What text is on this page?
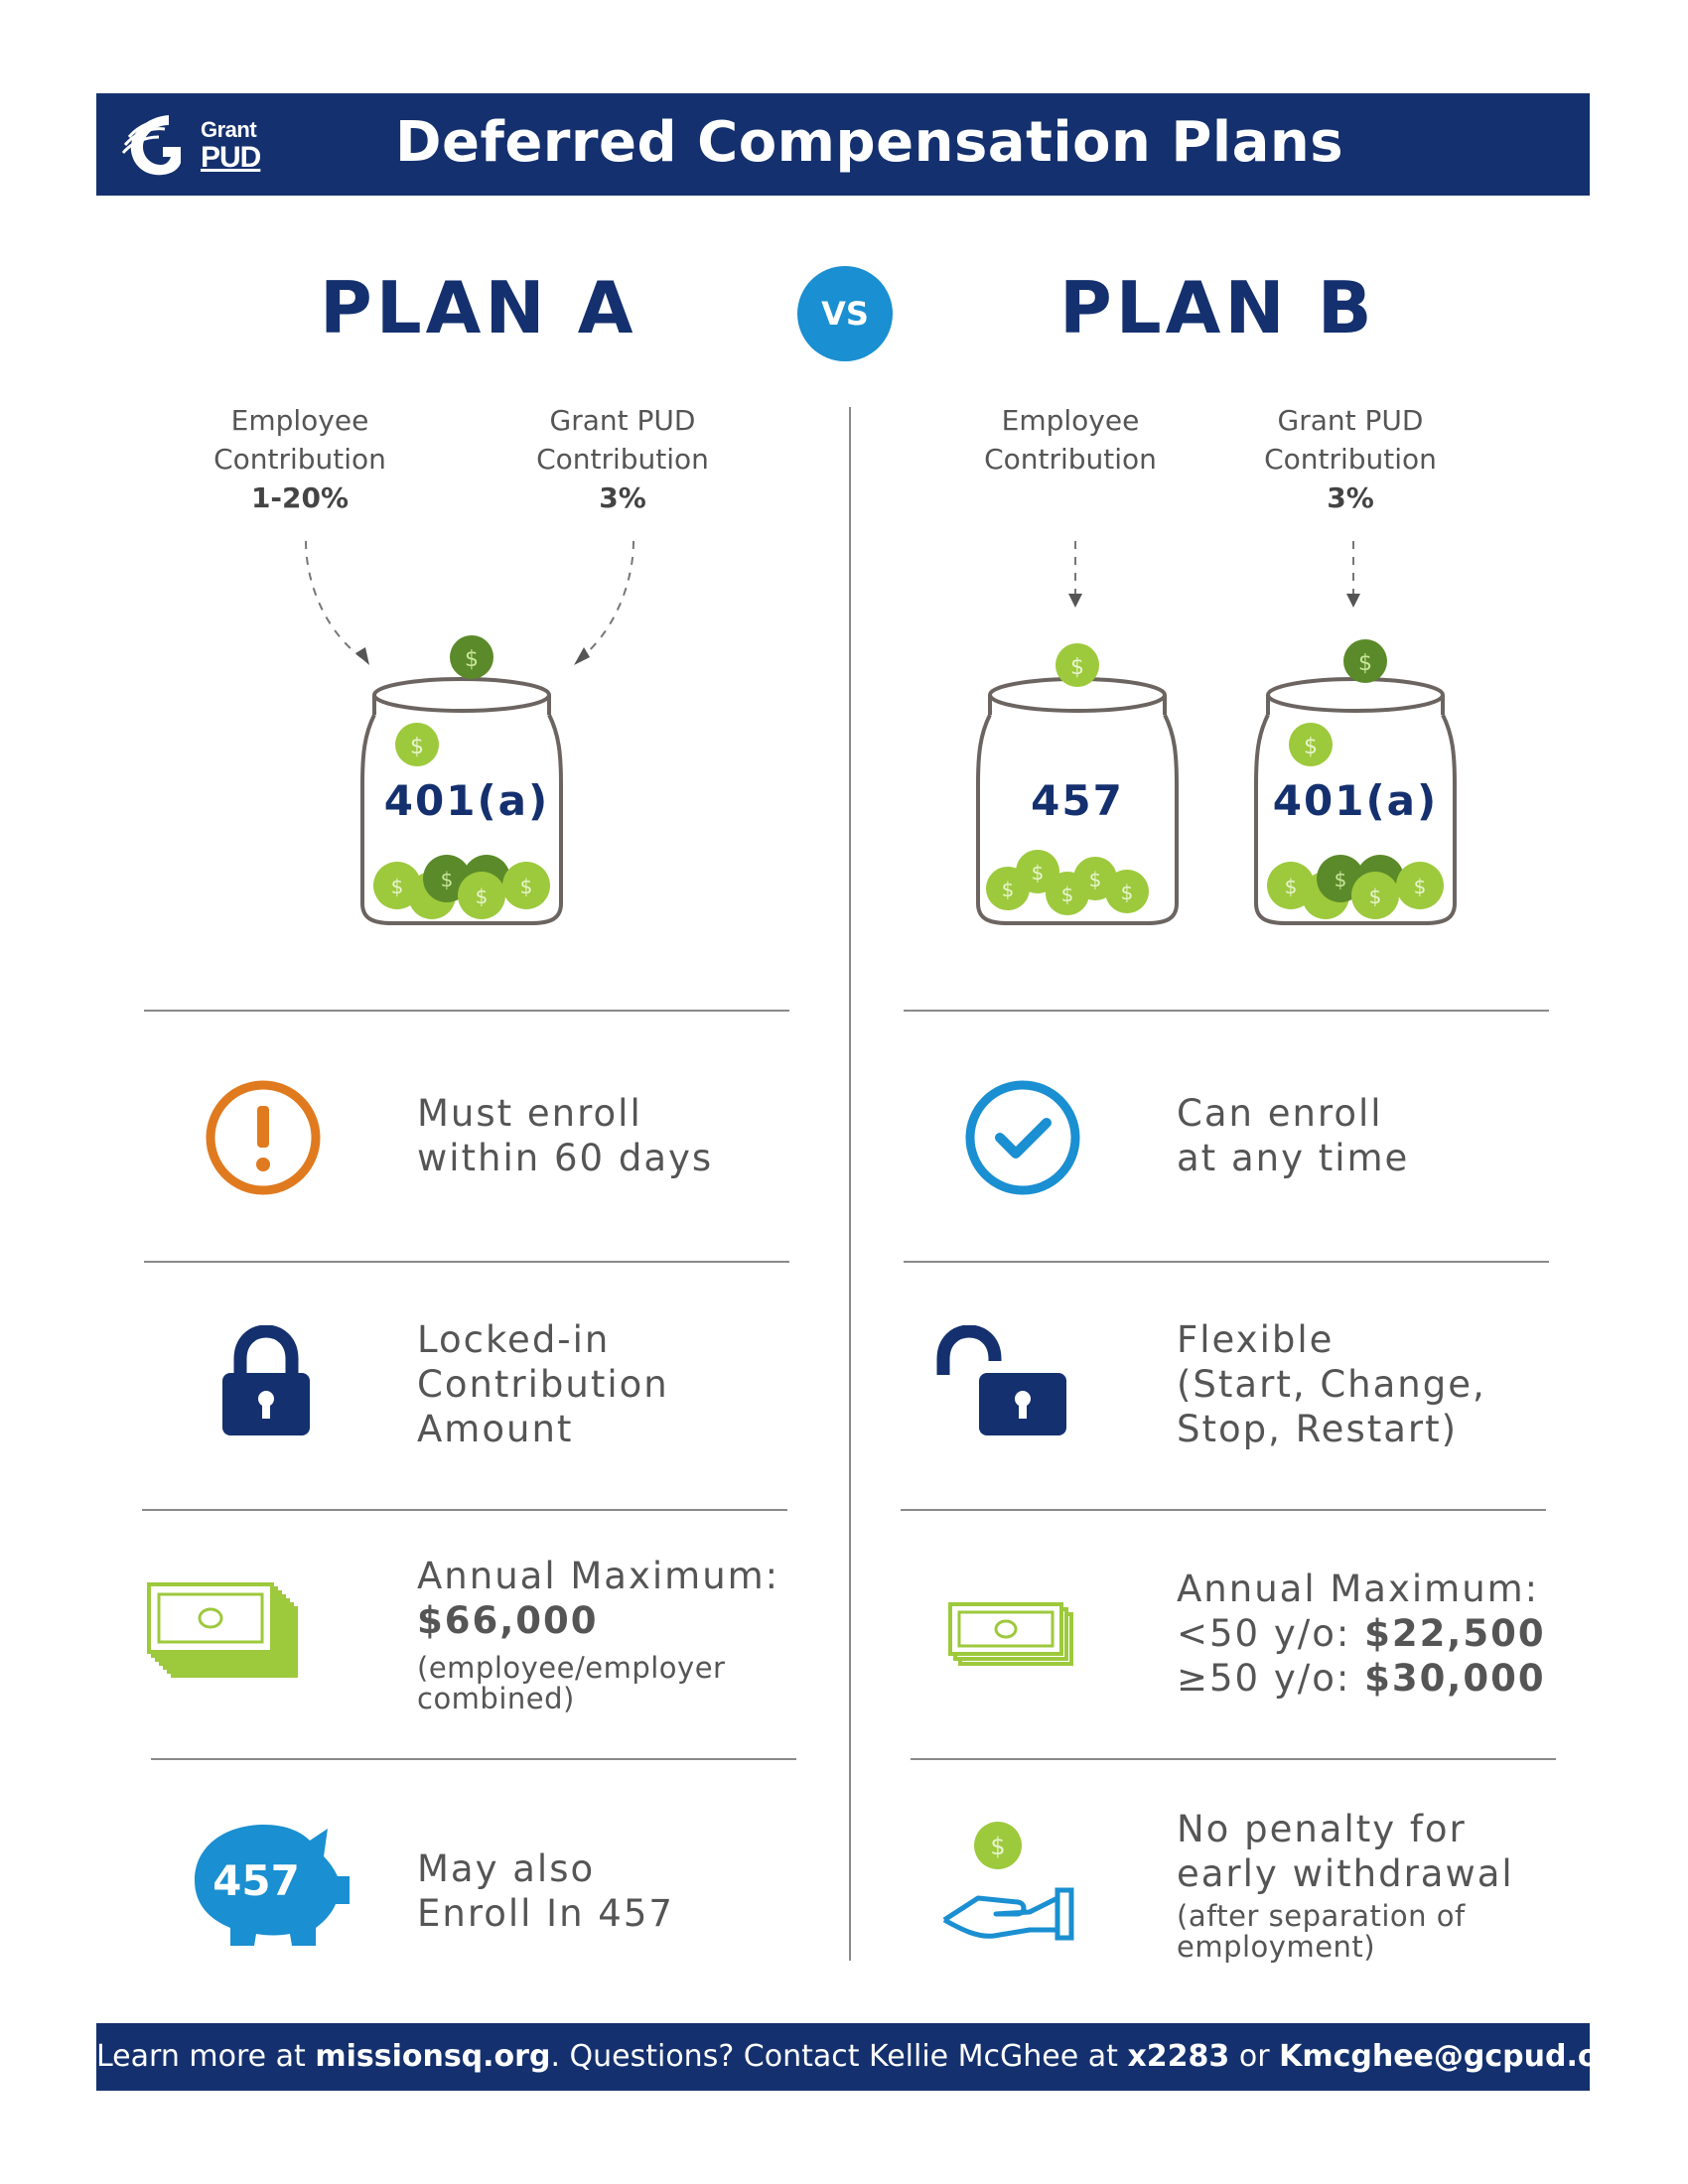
Grant
PUD Deferred Compensation Plans
PLAN A	VS	PLAN B
Employee
Contribution
1-20%
Grant PUD
Contribution
3%
Employee
Contribution
Grant PUD
Contribution
3%
$
$
$ $
$ $
401(a)
$
$
$
$
$
$
457
$
$
$ $
$ $
401(a)
Must enroll
within 60 days
Can enroll
at any time
Locked-in
Contribution
Amount
Flexible
(Start, Change,
Stop, Restart)
Annual Maximum:
$66,000
(employee/employer
combined)
Annual Maximum:
<50 y/o: $22,500
≥50 y/o: $30,000
457	May also
Enroll In 457
$	No penalty for
early withdrawal
(after separation of
employment)
Learn more at missionsq.org. Questions? Contact Kellie McGhee at x2283 or Kmcghee@gcpud.org
